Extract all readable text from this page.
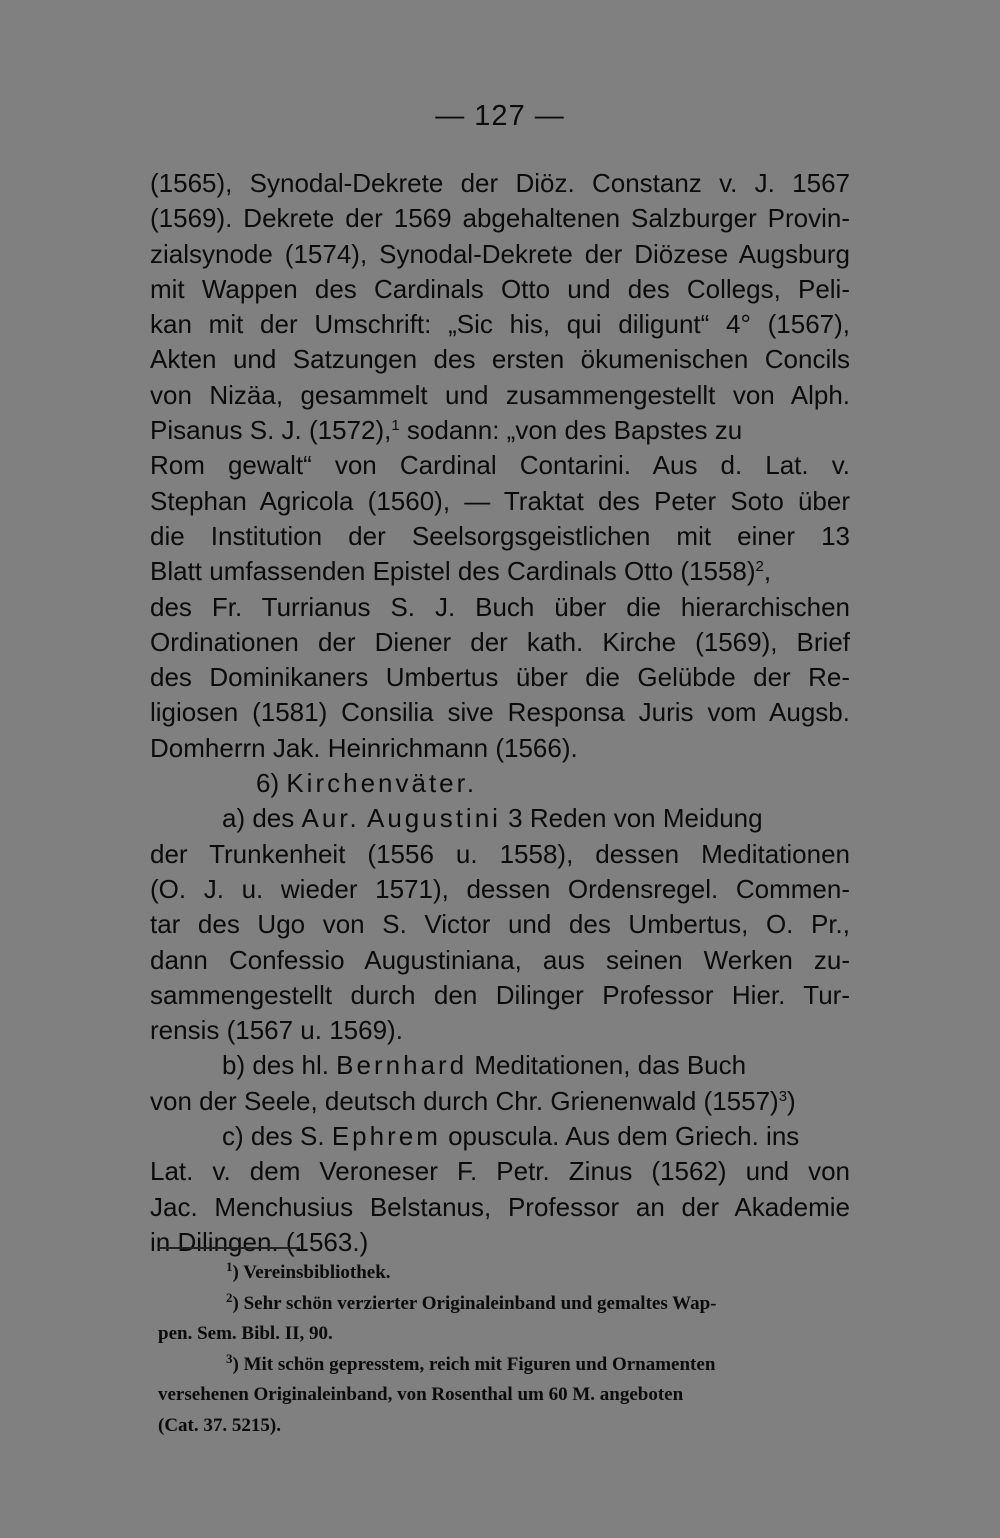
— 127 —
(1565), Synodal-Dekrete der Diöz. Constanz v. J. 1567
(1569). Dekrete der 1569 abgehaltenen Salzburger Provin-
zialsynode (1574), Synodal-Dekrete der Diözese Augsburg
mit Wappen des Cardinals Otto und des Collegs, Peli-
kan mit der Umschrift: „Sic his, qui diligunt“ 4° (1567),
Akten und Satzungen des ersten ökumenischen Concils
von Nizäa, gesammelt und zusammengestellt von Alph.
Pisanus S. J. (1572),$^1$ sodann: „von des Bapstes zu
Rom gewalt“ von Cardinal Contarini. Aus d. Lat. v.
Stephan Agricola (1560), — Traktat des Peter Soto über
die Institution der Seelsorgsgeistlichen mit einer 13
Blatt umfassenden Epistel des Cardinals Otto $(1558)^2$,
des Fr. Turrianus S. J. Buch über die hierarchischen
Ordinationen der Diener der kath. Kirche (1569), Brief
des Dominikaners Umbertus über die Gelübde der Re-
ligiosen (1581) Consilia sive Responsa Juris vom Augsb.
Domherrn Jak. Heinrichmann (1566).
6) Kirchenväter.
a) des Aur. Augustini 3 Reden von Meidung
der Trunkenheit (1556 u. 1558), dessen Meditationen
(O. J. u. wieder 1571), dessen Ordensregel. Commen-
tar des Ugo von S. Victor und des Umbertus, O. Pr.,
dann Confessio Augustiniana, aus seinen Werken zu-
sammengestellt durch den Dilinger Professor Hier. Tur-
rensis (1567 u. 1569).
b) des hl. Bernhard Meditationen, das Buch
von der Seele, deutsch durch Chr. Grienenwald $(1557)^3$)
c) des S. Ephrem opuscula. Aus dem Griech. ins
Lat. v. dem Veroneser F. Petr. Zinus (1562) und von
Jac. Menchusius Belstanus, Professor an der Akademie
in Dilingen. (1563.)
$^1$) Vereinsbibliothek.
$^2$) Sehr schön verzierter Originaleinband und gemaltes Wap-
pen. Sem. Bibl. II, 90.
$^3$) Mit schön gepresstem, reich mit Figuren und Ornamenten
versehenen Originaleinband, von Rosenthal um 60 M. angeboten
(Cat. 37. 5215).
